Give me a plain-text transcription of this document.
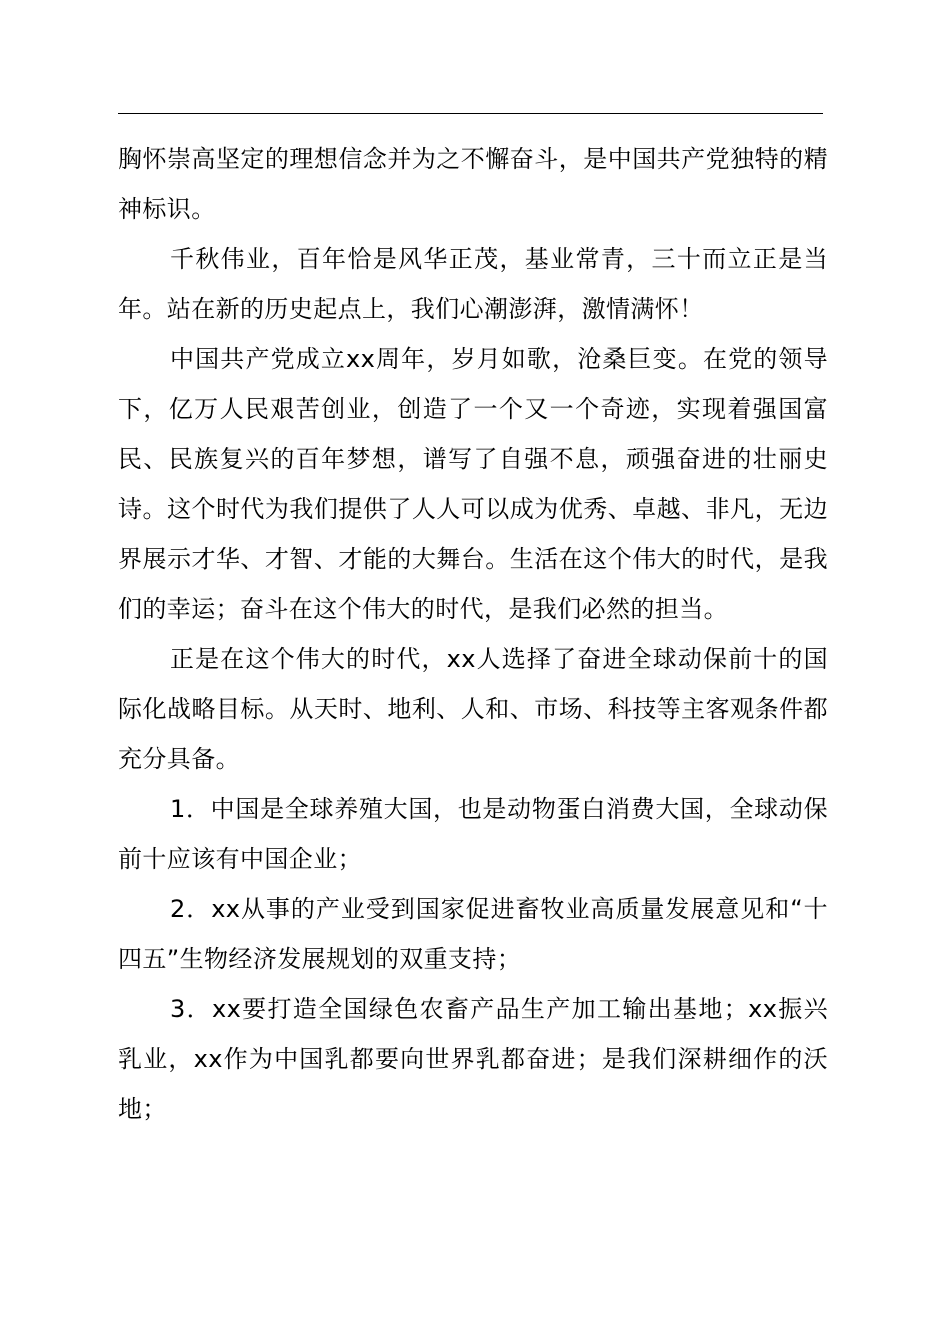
胸怀崇高坚定的理想信念并为之不懈奋斗，是中国共产党独特的精神标识。

千秋伟业，百年恰是风华正茂，基业常青，三十而立正是当年。站在新的历史起点上，我们心潮澎湃，激情满怀！

中国共产党成立xx周年，岁月如歌，沧桑巨变。在党的领导下，亿万人民艰苦创业，创造了一个又一个奇迹，实现着强国富民、民族复兴的百年梦想，谱写了自强不息，顽强奋进的壮丽史诗。这个时代为我们提供了人人可以成为优秀、卓越、非凡，无边界展示才华、才智、才能的大舞台。生活在这个伟大的时代，是我们的幸运；奋斗在这个伟大的时代，是我们必然的担当。

正是在这个伟大的时代，xx人选择了奋进全球动保前十的国际化战略目标。从天时、地利、人和、市场、科技等主客观条件都充分具备。

1．中国是全球养殖大国，也是动物蛋白消费大国，全球动保前十应该有中国企业；

2．xx从事的产业受到国家促进畜牧业高质量发展意见和“十四五”生物经济发展规划的双重支持；

3．xx要打造全国绿色农畜产品生产加工输出基地；xx振兴乳业，xx作为中国乳都要向世界乳都奋进；是我们深耕细作的沃地；
